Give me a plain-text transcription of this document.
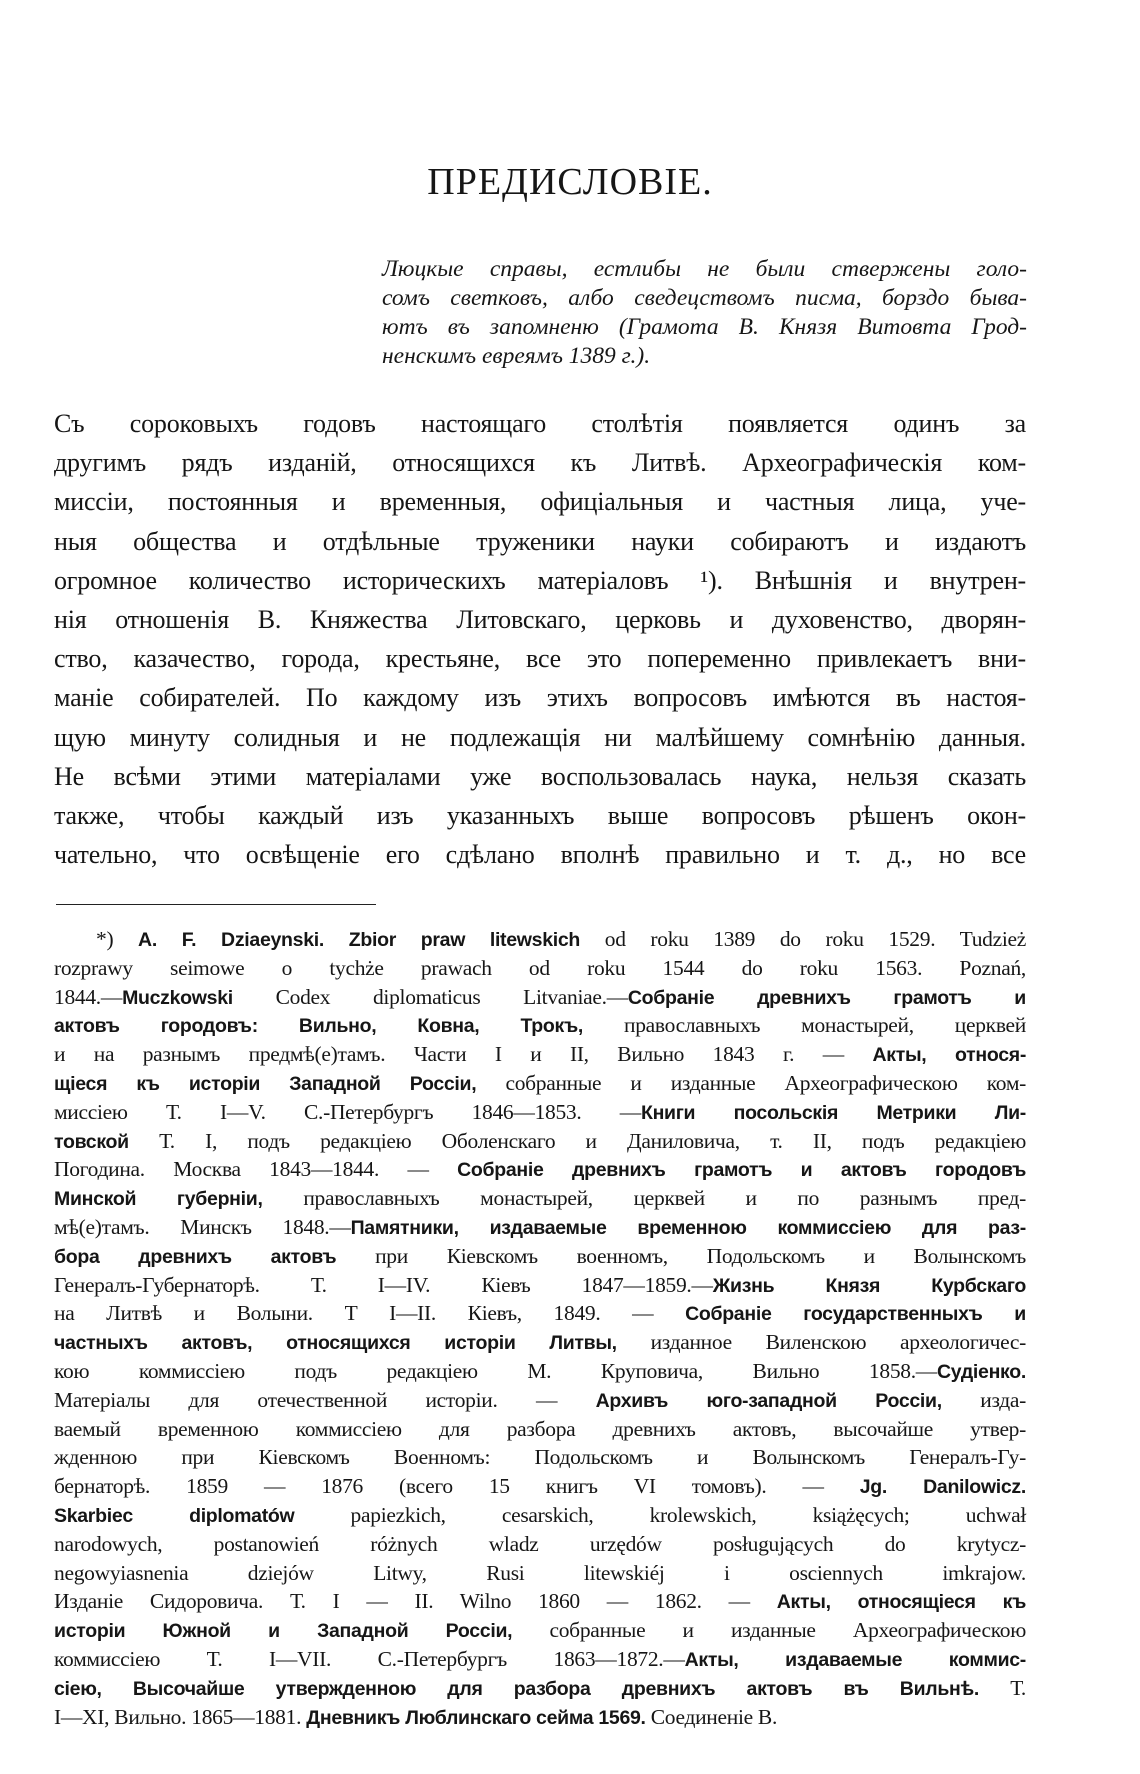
ПРЕДИСЛОВІЕ.
Люцкые справы, естлибы не были ствержены голо-
сомъ светковъ, албо сведецствомъ писма, борздо быва-
ютъ въ запомненю (Грамота В. Князя Витовта Грод-
ненскимъ евреямъ 1389 г.).
Съ сороковыхъ годовъ настоящаго столѣтія появляется одинъ за
другимъ рядъ изданій, относящихся къ Литвѣ. Археографическія ком-
миссіи, постоянныя и временныя, офиціальныя и частныя лица, уче-
ныя общества и отдѣльные труженики науки собираютъ и издаютъ
огромное количество историческихъ матеріаловъ ¹). Внѣшнія и внутрен-
нія отношенія В. Княжества Литовскаго, церковь и духовенство, дворян-
ство, казачество, города, крестьяне, все это попеременно привлекаетъ вни-
маніе собирателей. По каждому изъ этихъ вопросовъ имѣются въ настоя-
щую минуту солидныя и не подлежащія ни малѣйшему сомнѣнію данныя.
Не всѣми этими матеріалами уже воспользовалась наука, нельзя сказать
также, чтобы каждый изъ указанныхъ выше вопросовъ рѣшенъ окон-
чательно, что освѣщеніе его сдѣлано вполнѣ правильно и т. д., но все
*) A. F. Dziaeynski. Zbior praw litewskich od roku 1389 do roku 1529. Tudzież
rozprawy seimowe o tychże prawach od roku 1544 do roku 1563. Poznań,
1844.—Muczkowski Codex diplomaticus Litvaniae.—Собраніе древнихъ грамотъ и
актовъ городовъ: Вильно, Ковна, Трокъ, православныхъ монастырей, церквей
и на разнымъ предмѣ(е)тамъ. Части I и II, Вильно 1843 г. — Акты, относя-
щіеся къ исторіи Западной Россіи, собранные и изданные Археографическою ком-
миссіею Т. I—V. С.-Петербургъ 1846—1853. —Книги посольскія Метрики Ли-
товской Т. I, подъ редакціею Оболенскаго и Даниловича, т. II, подъ редакціею
Погодина. Москва 1843—1844. — Собраніе древнихъ грамотъ и актовъ городовъ
Минской губерніи, православныхъ монастырей, церквей и по разнымъ пред-
мѣ(е)тамъ. Минскъ 1848.—Памятники, издаваемые временною коммиссіею для раз-
бора древнихъ актовъ при Кіевскомъ военномъ, Подольскомъ и Волынскомъ
Генералъ-Губернаторѣ. Т. I—IV. Кіевъ 1847—1859.—Жизнь Князя Курбскаго
на Литвѣ и Волыни. Т I—II. Кіевъ, 1849. — Собраніе государственныхъ и
частныхъ актовъ, относящихся исторіи Литвы, изданное Виленскою археологичес-
кою коммиссіею подъ редакціею М. Круповича, Вильно 1858.—Судіенко.
Матеріалы для отечественной исторіи. — Архивъ юго-западной Россіи, изда-
ваемый временною коммиссіею для разбора древнихъ актовъ, высочайше утвер-
жденною при Кіевскомъ Военномъ: Подольскомъ и Волынскомъ Генералъ-Гу-
бернаторѣ. 1859 — 1876 (всего 15 книгъ VI томовъ). — Jg. Danilowicz.
Skarbiec diplomatów	papiezkich, cesarskich, krolewskich, książęcych; uchwał
narodowych, postanowień różnych wladz urzędów posługujących do krytycz-
negowyiasnenia dziejów Litwy, Rusi litewskiéj i osciennych imkrajow.
Изданіе Сидоровича. Т. I — II. Wilno 1860 — 1862. — Акты, относящіеся къ
исторіи Южной и Западной Россіи, собранные и изданные Археографическою
коммиссіею Т. I—VII. С.-Петербургъ 1863—1872.—Акты, издаваемые коммис-
сіею, Высочайше утвержденною для разбора древнихъ актовъ въ Вильнѣ. Т.
I—XI, Вильно. 1865—1881. Дневникъ Люблинскаго сейма 1569. Соединеніе В.
